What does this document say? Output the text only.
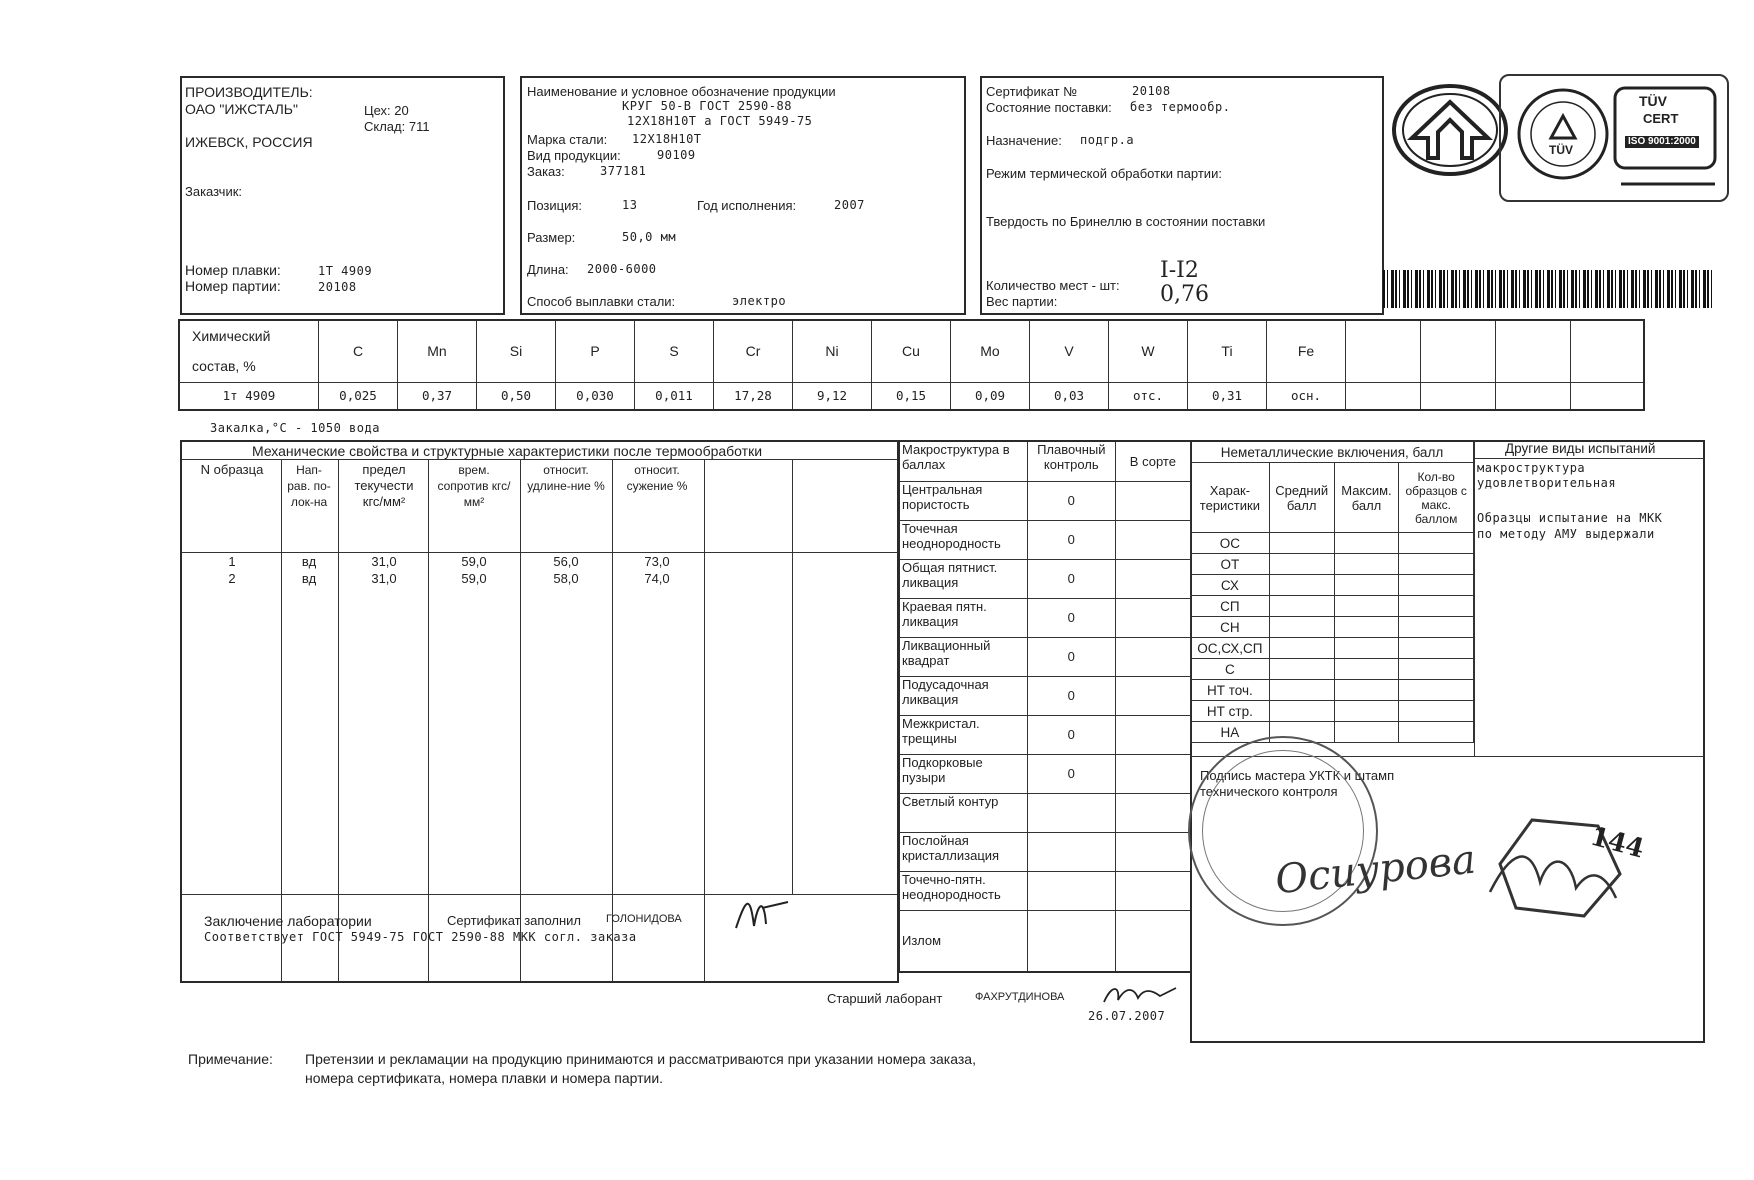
ПРОИЗВОДИТЕЛЬ:
ОАО "ИЖСТАЛЬ"	Цех: 20
Склад: 711
ИЖЕВСК, РОССИЯ
Заказчик:
Номер плавки:	1Т 4909
Номер партии:	20108
Наименование и условное обозначение продукции
КРУГ 50-В ГОСТ 2590-88
12Х18Н10Т а ГОСТ 5949-75
Марка стали: 12Х18Н10Т
Вид продукции:	90109
Заказ:	377181
Позиция:	13	Год исполнения:	2007
Размер:	50,0 мм
Длина: 2000-6000
Способ выплавки стали:	электро
Сертификат №	20108
Состояние поставки: без термообр.
Назначение: подгр.а
Режим термической обработки партии:
Твердость по Бринеллю в состоянии поставки
Количество мест - шт:
I-I2
Вес партии:	0,76
TÜV
TÜV
CERT
ISO 9001:2000
Химический
состав, %	C	Mn	Si	P	S	Cr	Ni	Cu	Mo	V	W	Ti	Fe				
1т 4909	0,025	0,37	0,50	0,030	0,011	17,28	9,12	0,15	0,09	0,03	отс.	0,31	осн.				
Закалка,°С - 1050 вода
Механические свойства и структурные характеристики после термообработки
N образца	Нап-рав. по-лок-на
предел текучести кгс/мм²
врем. сопротив кгс/мм²
относит. удлине-ние %
относит. сужение %
1	вд	31,0	59,0	56,0	73,0
2	вд	31,0	59,0	58,0	74,0
Заключение лаборатории
Соответствует ГОСТ 5949-75 ГОСТ 2590-88 МКК согл. заказа
Сертификат заполнил ГОЛОНИДОВА
Старший лаборант	ФАХРУТДИНОВА
26.07.2007
Макроструктура в баллах	Плавочный контроль	В сорте
Центральная пористость	0	
Точечная неоднородность	0	
Общая пятнист. ликвация	0	
Краевая пятн. ликвация	0	
Ликвационный квадрат	0	
Подусадочная ликвация	0	
Межкристал. трещины	0	
Подкорковые пузыри	0	
Светлый контур		
Послойная кристаллизация		
Точечно-пятн. неоднородность		
Излом		
Неметаллические включения, балл			
Харак-теристики	Средний балл	Максим. балл	Кол-во образцов с макс. баллом
ОС			
ОТ			
СХ			
СП			
СН			
ОС,СХ,СП			
С			
НТ точ.			
НТ стр.			
НА			
Другие виды испытаний
макроструктура
удовлетворительная
Образцы испытание на МКК
по методу АМУ выдержали
Подпись мастера УКТК и штамп технического контроля
Осиурова	144
Примечание: Претензии и рекламации на продукцию принимаются и рассматриваются при указании номера заказа,
номера сертификата, номера плавки и номера партии.
